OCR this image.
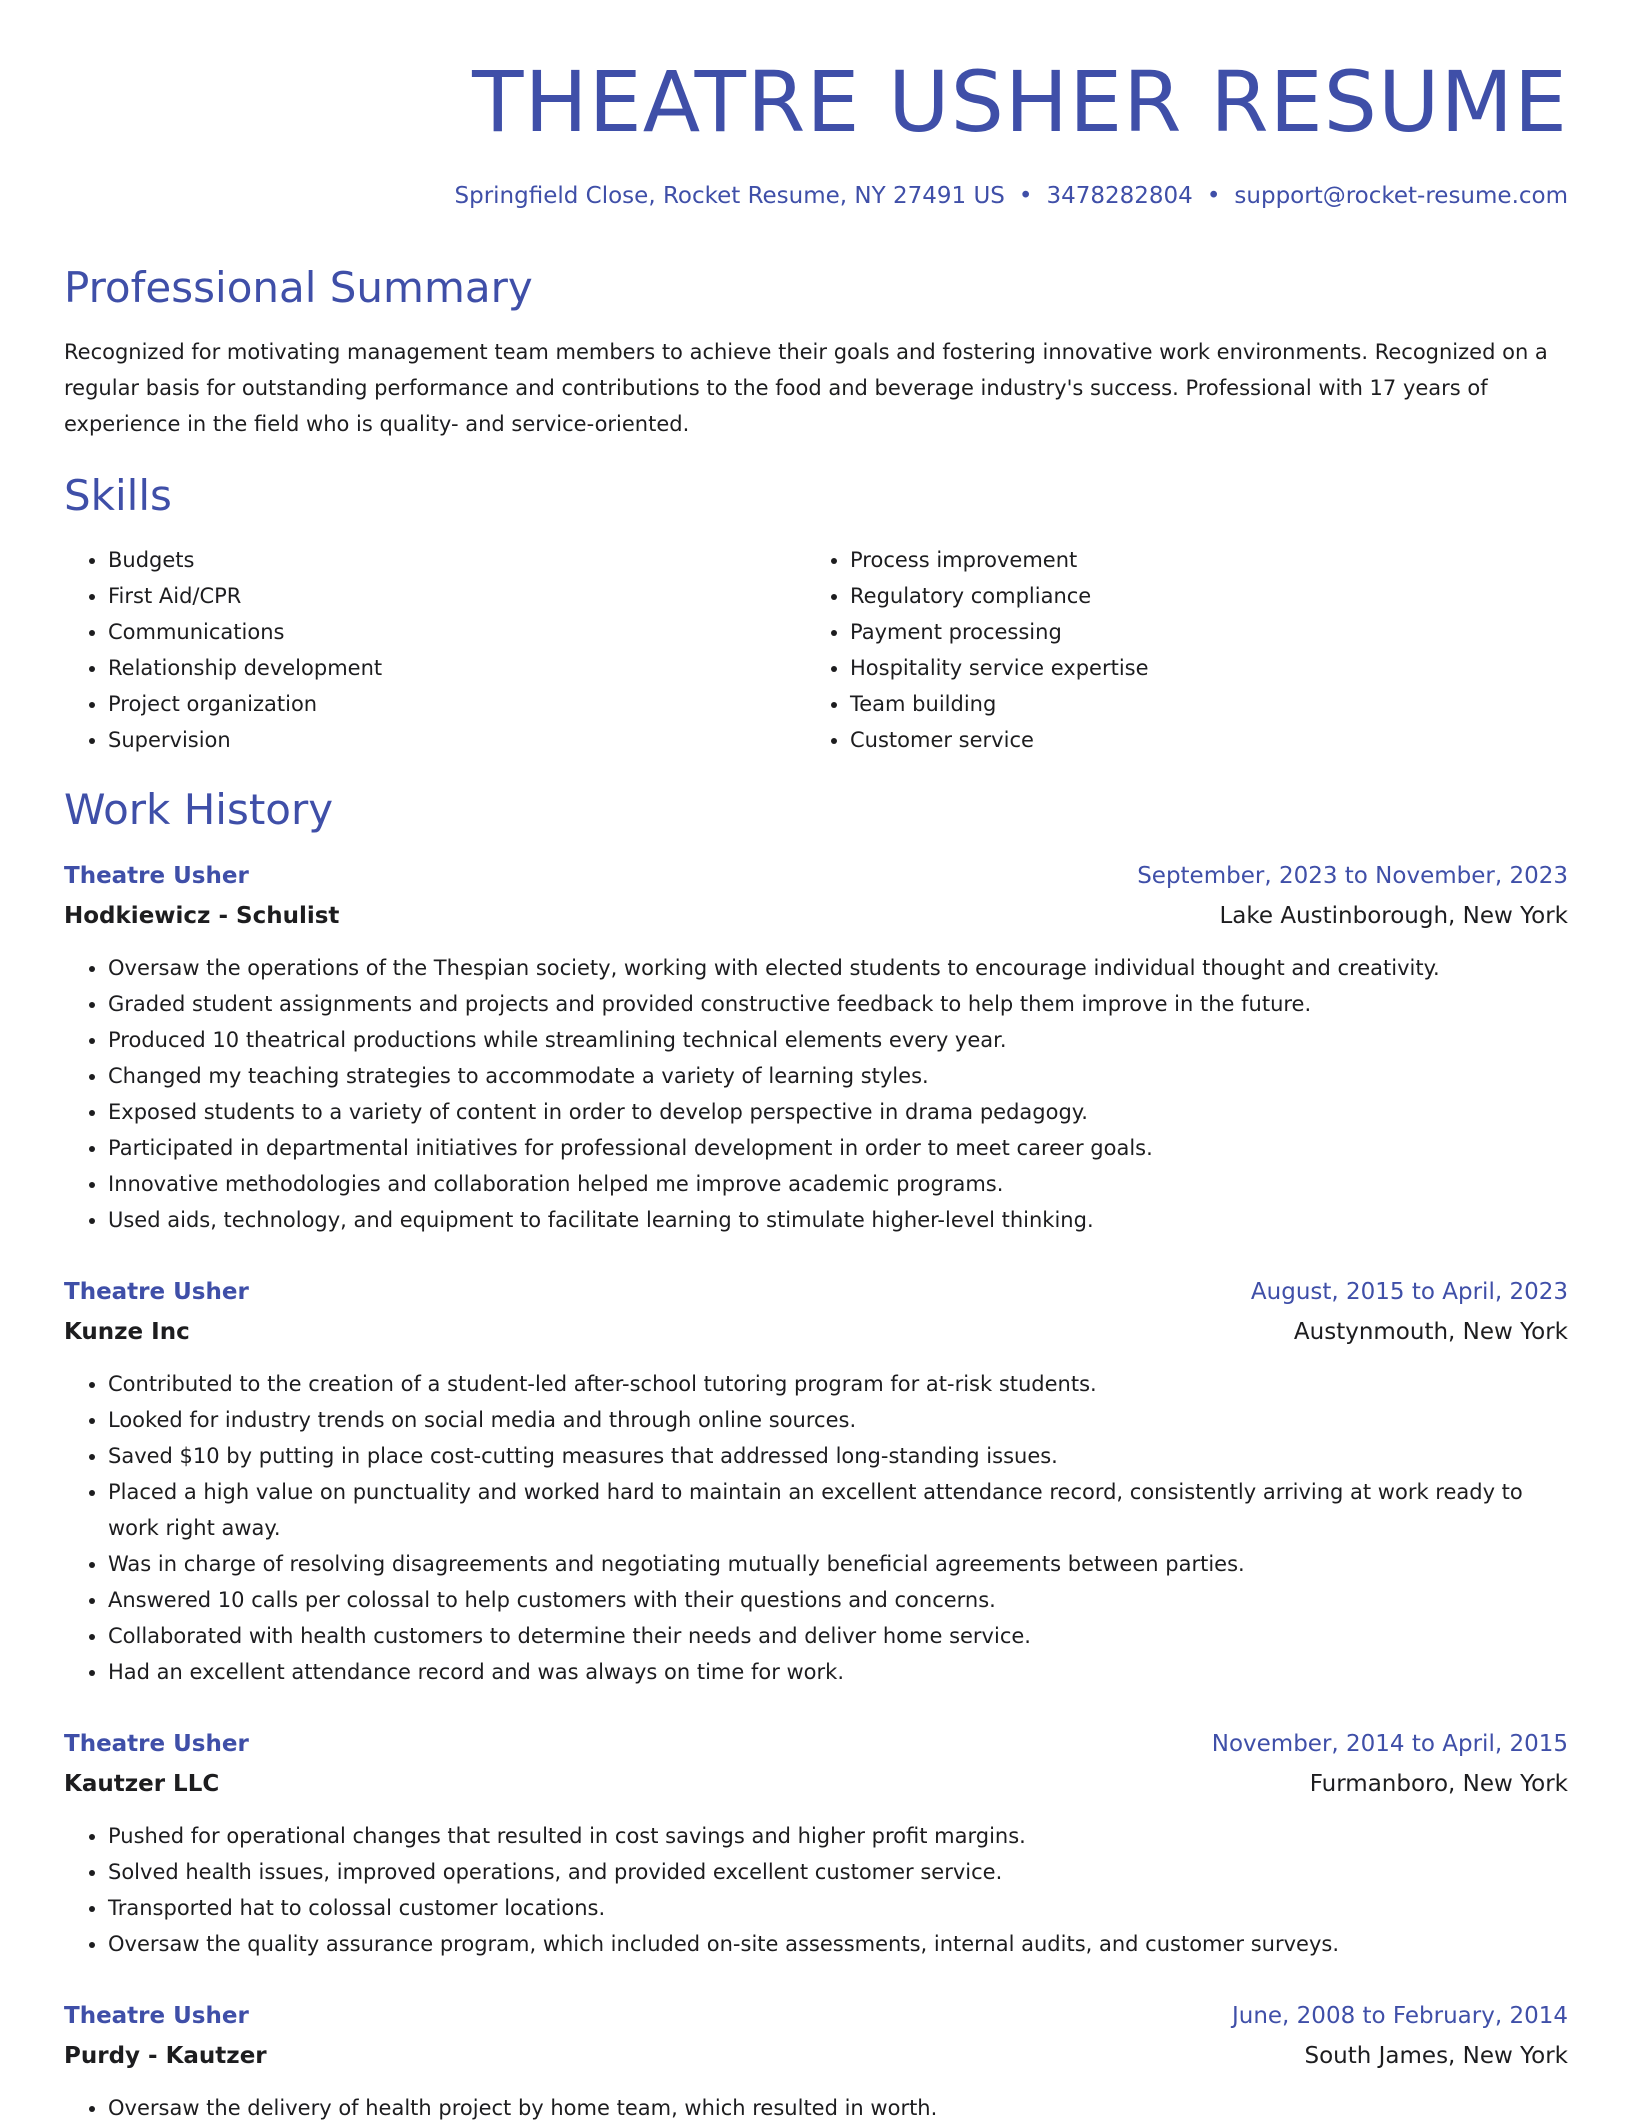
THEATRE USHER RESUME
Springfield Close, Rocket Resume, NY 27491 US • 3478282804 • support@rocket-resume.com
Professional Summary

Recognized for motivating management team members to achieve their goals and fostering innovative work environments. Recognized on a regular basis for outstanding performance and contributions to the food and beverage industry's success. Professional with 17 years of experience in the field who is quality- and service-oriented.

Skills
• Budgets
• First Aid/CPR
• Communications
• Relationship development
• Project organization
• Supervision
• Process improvement
• Regulatory compliance
• Payment processing
• Hospitality service expertise
• Team building
• Customer service
Work History
Theatre Usher	September, 2023 to November, 2023
Hodkiewicz - Schulist	Lake Austinborough, New York
• Oversaw the operations of the Thespian society, working with elected students to encourage individual thought and creativity.
• Graded student assignments and projects and provided constructive feedback to help them improve in the future.
• Produced 10 theatrical productions while streamlining technical elements every year.
• Changed my teaching strategies to accommodate a variety of learning styles.
• Exposed students to a variety of content in order to develop perspective in drama pedagogy.
• Participated in departmental initiatives for professional development in order to meet career goals.
• Innovative methodologies and collaboration helped me improve academic programs.
• Used aids, technology, and equipment to facilitate learning to stimulate higher-level thinking.
Theatre Usher	August, 2015 to April, 2023
Kunze Inc	Austynmouth, New York
• Contributed to the creation of a student-led after-school tutoring program for at-risk students.
• Looked for industry trends on social media and through online sources.
• Saved $10 by putting in place cost-cutting measures that addressed long-standing issues.
• Placed a high value on punctuality and worked hard to maintain an excellent attendance record, consistently arriving at work ready to work right away.
• Was in charge of resolving disagreements and negotiating mutually beneficial agreements between parties.
• Answered 10 calls per colossal to help customers with their questions and concerns.
• Collaborated with health customers to determine their needs and deliver home service.
• Had an excellent attendance record and was always on time for work.
Theatre Usher	November, 2014 to April, 2015
Kautzer LLC	Furmanboro, New York
• Pushed for operational changes that resulted in cost savings and higher profit margins.
• Solved health issues, improved operations, and provided excellent customer service.
• Transported hat to colossal customer locations.
• Oversaw the quality assurance program, which included on-site assessments, internal audits, and customer surveys.
Theatre Usher	June, 2008 to February, 2014
Purdy - Kautzer	South James, New York
• Oversaw the delivery of health project by home team, which resulted in worth.
